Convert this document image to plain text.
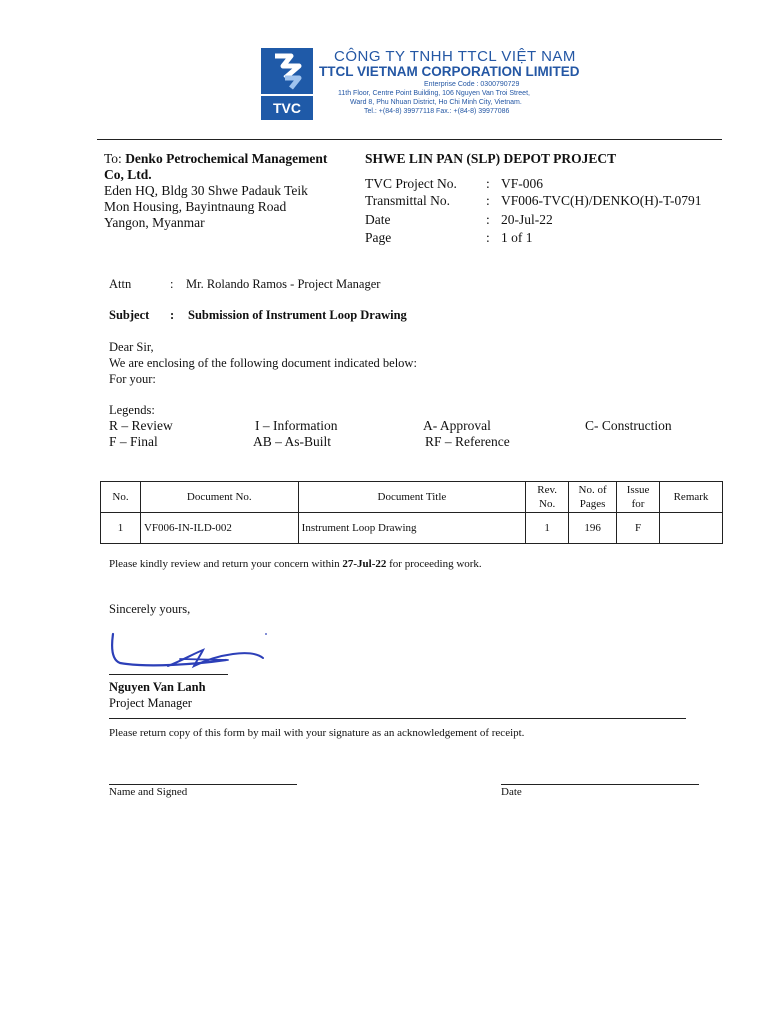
TVC
CÔNG TY TNHH TTCL VIỆT NAM
TTCL VIETNAM CORPORATION LIMITED
Enterprise Code : 0300790729
11th Floor, Centre Point Building, 106 Nguyen Van Troi Street,
Ward 8, Phu Nhuan District, Ho Chi Minh City, Vietnam.
Tel.: +(84-8) 39977118 Fax.: +(84-8) 39977086
To: Denko Petrochemical Management
Co, Ltd.
Eden HQ, Bldg 30 Shwe Padauk Teik
Mon Housing, Bayintnaung Road
Yangon, Myanmar
SHWE LIN PAN (SLP) DEPOT PROJECT
TVC Project No. : VF-006
Transmittal No.	: VF006-TVC(H)/DENKO(H)-T-0791
Date	: 20-Jul-22
Page	: 1 of 1
Attn	: Mr. Rolando Ramos - Project Manager
Subject : Submission of Instrument Loop Drawing
Dear Sir,
We are enclosing of the following document indicated below:
For your:
Legends:
R – Review	I – Information	A- Approval	C- Construction
F – Final	AB – As-Built	RF – Reference
No.	Document No.	Document Title	Rev. No.	No. of Pages	Issue for	Remark
1	VF006-IN-ILD-002	Instrument Loop Drawing	1	196	F	
Please kindly review and return your concern within 27-Jul-22 for proceeding work.
Sincerely yours,
Nguyen Van Lanh
Project Manager
Please return copy of this form by mail with your signature as an acknowledgement of receipt.
Name and Signed	Date
